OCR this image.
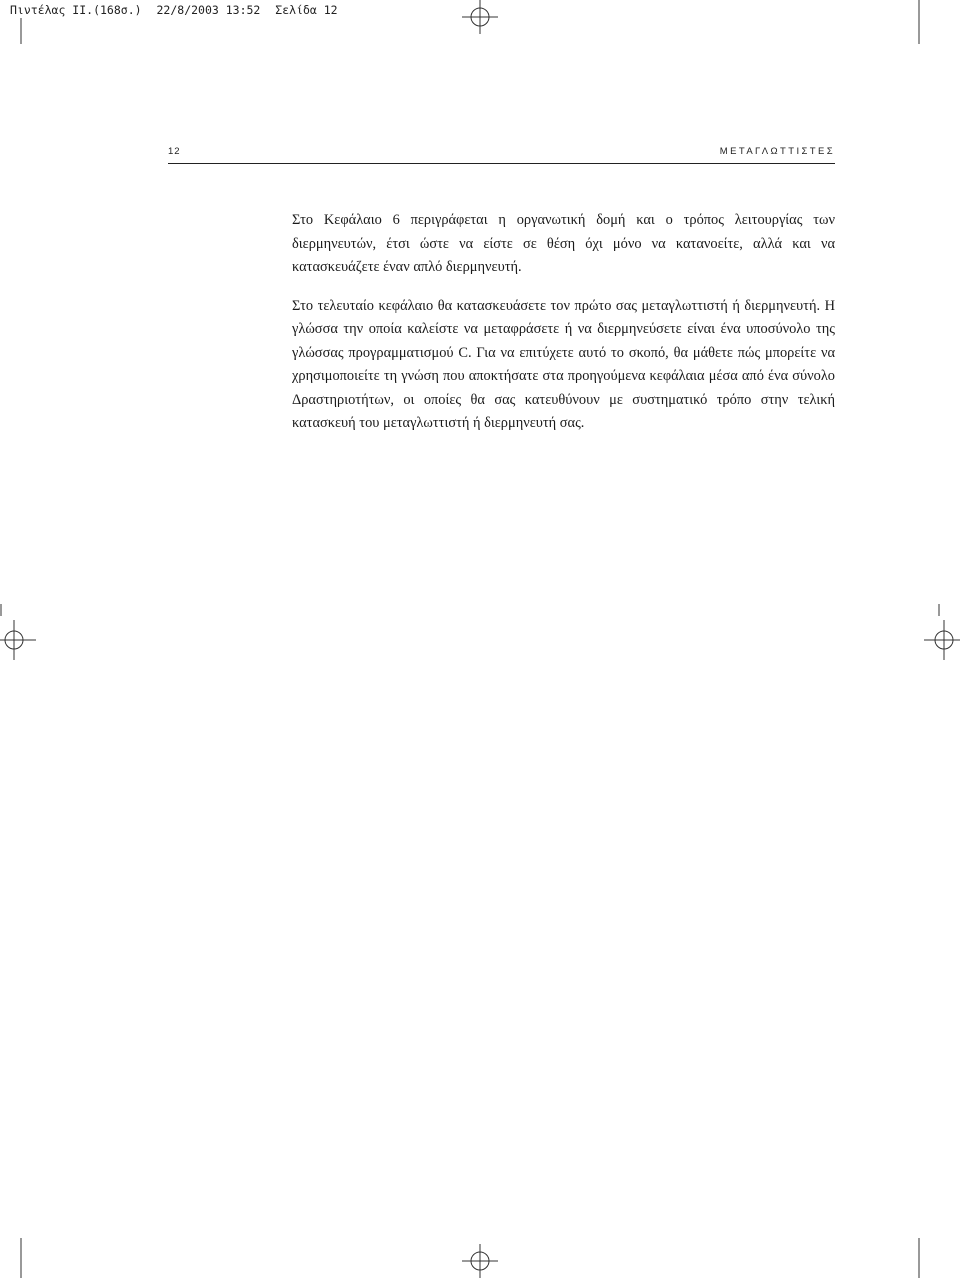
Πιντέλας II.(168σ.) 22/8/2003 13:52 Σελίδα 12
12	ΜΕΤΑΓΛΩΤΤΙΣΤΕΣ

Στο Κεφάλαιο 6 περιγράφεται η οργανωτική δομή και ο τρόπος λειτουργίας των διερμηνευτών, έτσι ώστε να είστε σε θέση όχι μόνο να κατανοείτε, αλλά και να κατασκευάζετε έναν απλό διερμηνευτή.

Στο τελευταίο κεφάλαιο θα κατασκευάσετε τον πρώτο σας μεταγλωττιστή ή διερμηνευτή. Η γλώσσα την οποία καλείστε να μεταφράσετε ή να διερμηνεύσετε είναι ένα υποσύνολο της γλώσσας προγραμματισμού C. Για να επιτύχετε αυτό το σκοπό, θα μάθετε πώς μπορείτε να χρησιμοποιείτε τη γνώση που αποκτήσατε στα προηγούμενα κεφάλαια μέσα από ένα σύνολο Δραστηριοτήτων, οι οποίες θα σας κατευθύνουν με συστηματικό τρόπο στην τελική κατασκευή του μεταγλωττιστή ή διερμηνευτή σας.
